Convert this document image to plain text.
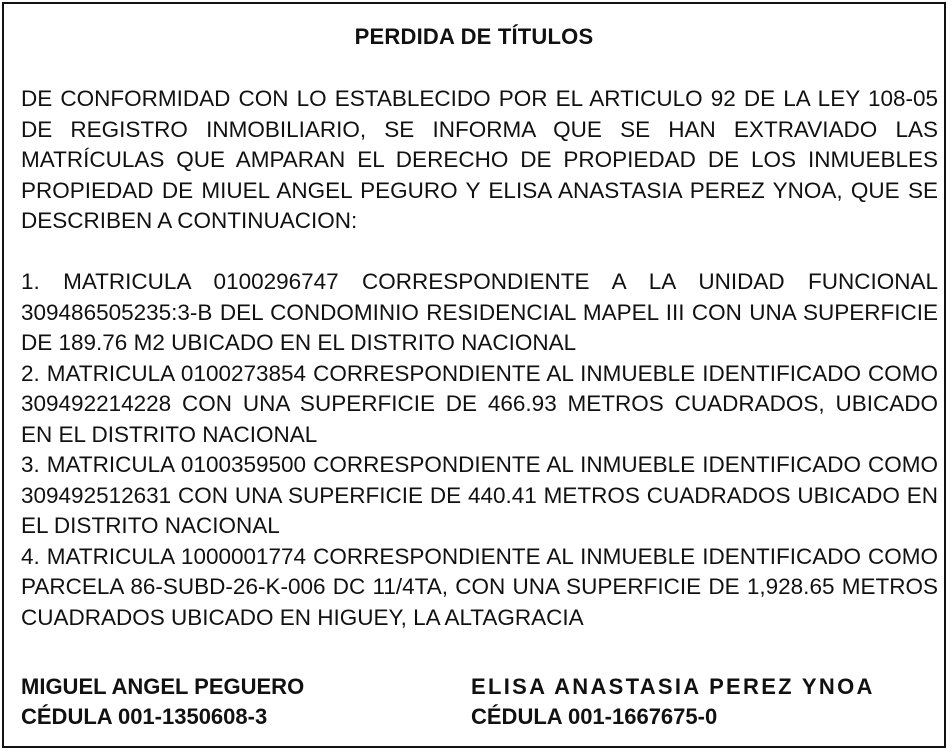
PERDIDA DE TÍTULOS
DE CONFORMIDAD CON LO ESTABLECIDO POR EL ARTICULO 92 DE LA LEY 108-05 DE REGISTRO INMOBILIARIO, SE INFORMA QUE SE HAN EXTRAVIADO LAS MATRÍCULAS QUE AMPARAN EL DERECHO DE PROPIEDAD DE LOS INMUEBLES PROPIEDAD DE MIUEL ANGEL PEGURO Y ELISA ANASTASIA PEREZ YNOA, QUE SE DESCRIBEN A CONTINUACION:

1. MATRICULA 0100296747 CORRESPONDIENTE A LA UNIDAD FUNCIONAL 309486505235:3-B DEL CONDOMINIO RESIDENCIAL MAPEL III CON UNA SUPERFICIE DE 189.76 M2 UBICADO EN EL DISTRITO NACIONAL

2. MATRICULA 0100273854 CORRESPONDIENTE AL INMUEBLE IDENTIFICADO COMO 309492214228 CON UNA SUPERFICIE DE 466.93 METROS CUADRADOS, UBICADO EN EL DISTRITO NACIONAL

3. MATRICULA 0100359500 CORRESPONDIENTE AL INMUEBLE IDENTIFICADO COMO 309492512631 CON UNA SUPERFICIE DE 440.41 METROS CUADRADOS UBICADO EN EL DISTRITO NACIONAL

4. MATRICULA 1000001774 CORRESPONDIENTE AL INMUEBLE IDENTIFICADO COMO PARCELA 86-SUBD-26-K-006 DC 11/4TA, CON UNA SUPERFICIE DE 1,928.65 METROS CUADRADOS UBICADO EN HIGUEY, LA ALTAGRACIA

MIGUEL ANGEL PEGUERO
CÉDULA 001-1350608-3
ELISA ANASTASIA PEREZ YNOA
CÉDULA 001-1667675-0
